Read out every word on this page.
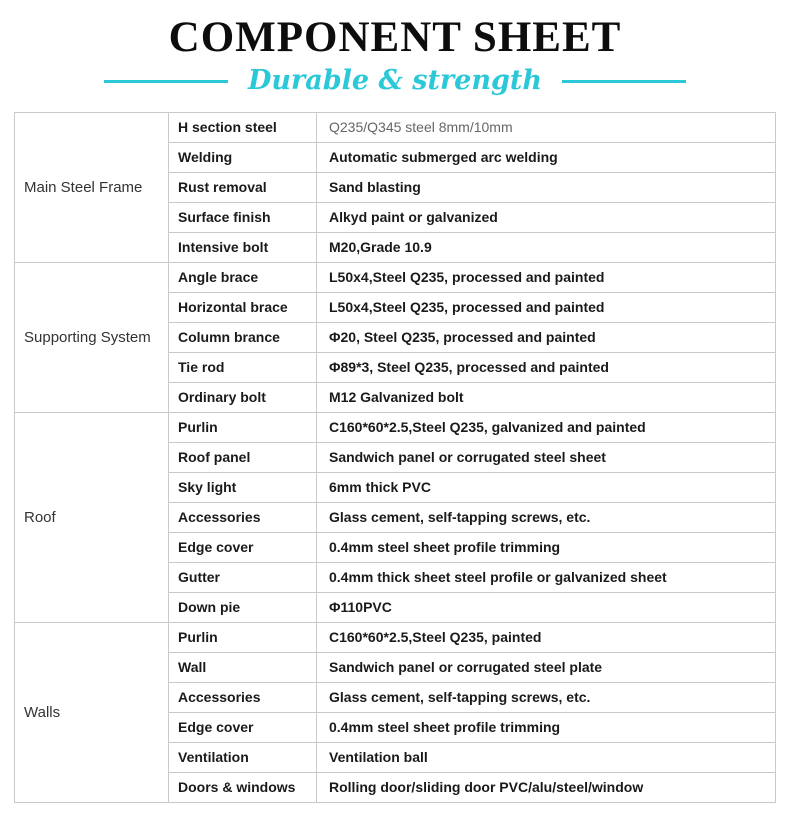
COMPONENT SHEET
Durable & strength
Main Steel Frame	H section steel	Q235/Q345 steel 8mm/10mm
	Welding	Automatic submerged arc welding
	Rust removal	Sand blasting
	Surface finish	Alkyd paint or galvanized
	Intensive bolt	M20,Grade 10.9
Supporting System	Angle brace	L50x4,Steel Q235, processed and painted
	Horizontal brace	L50x4,Steel Q235, processed and painted
	Column brance	Φ20, Steel Q235, processed and painted
	Tie rod	Φ89*3, Steel Q235, processed and painted
	Ordinary bolt	M12 Galvanized bolt
Roof	Purlin	C160*60*2.5,Steel Q235, galvanized and painted
	Roof panel	Sandwich panel or corrugated steel sheet
	Sky light	6mm thick PVC
	Accessories	Glass cement, self-tapping screws, etc.
	Edge cover	0.4mm steel sheet profile trimming
	Gutter	0.4mm thick sheet steel profile or galvanized sheet
	Down pie	Φ110PVC
Walls	Purlin	C160*60*2.5,Steel Q235, painted
	Wall	Sandwich panel or corrugated steel plate
	Accessories	Glass cement, self-tapping screws, etc.
	Edge cover	0.4mm steel sheet profile trimming
	Ventilation	Ventilation ball
	Doors & windows	Rolling door/sliding door PVC/alu/steel/window
